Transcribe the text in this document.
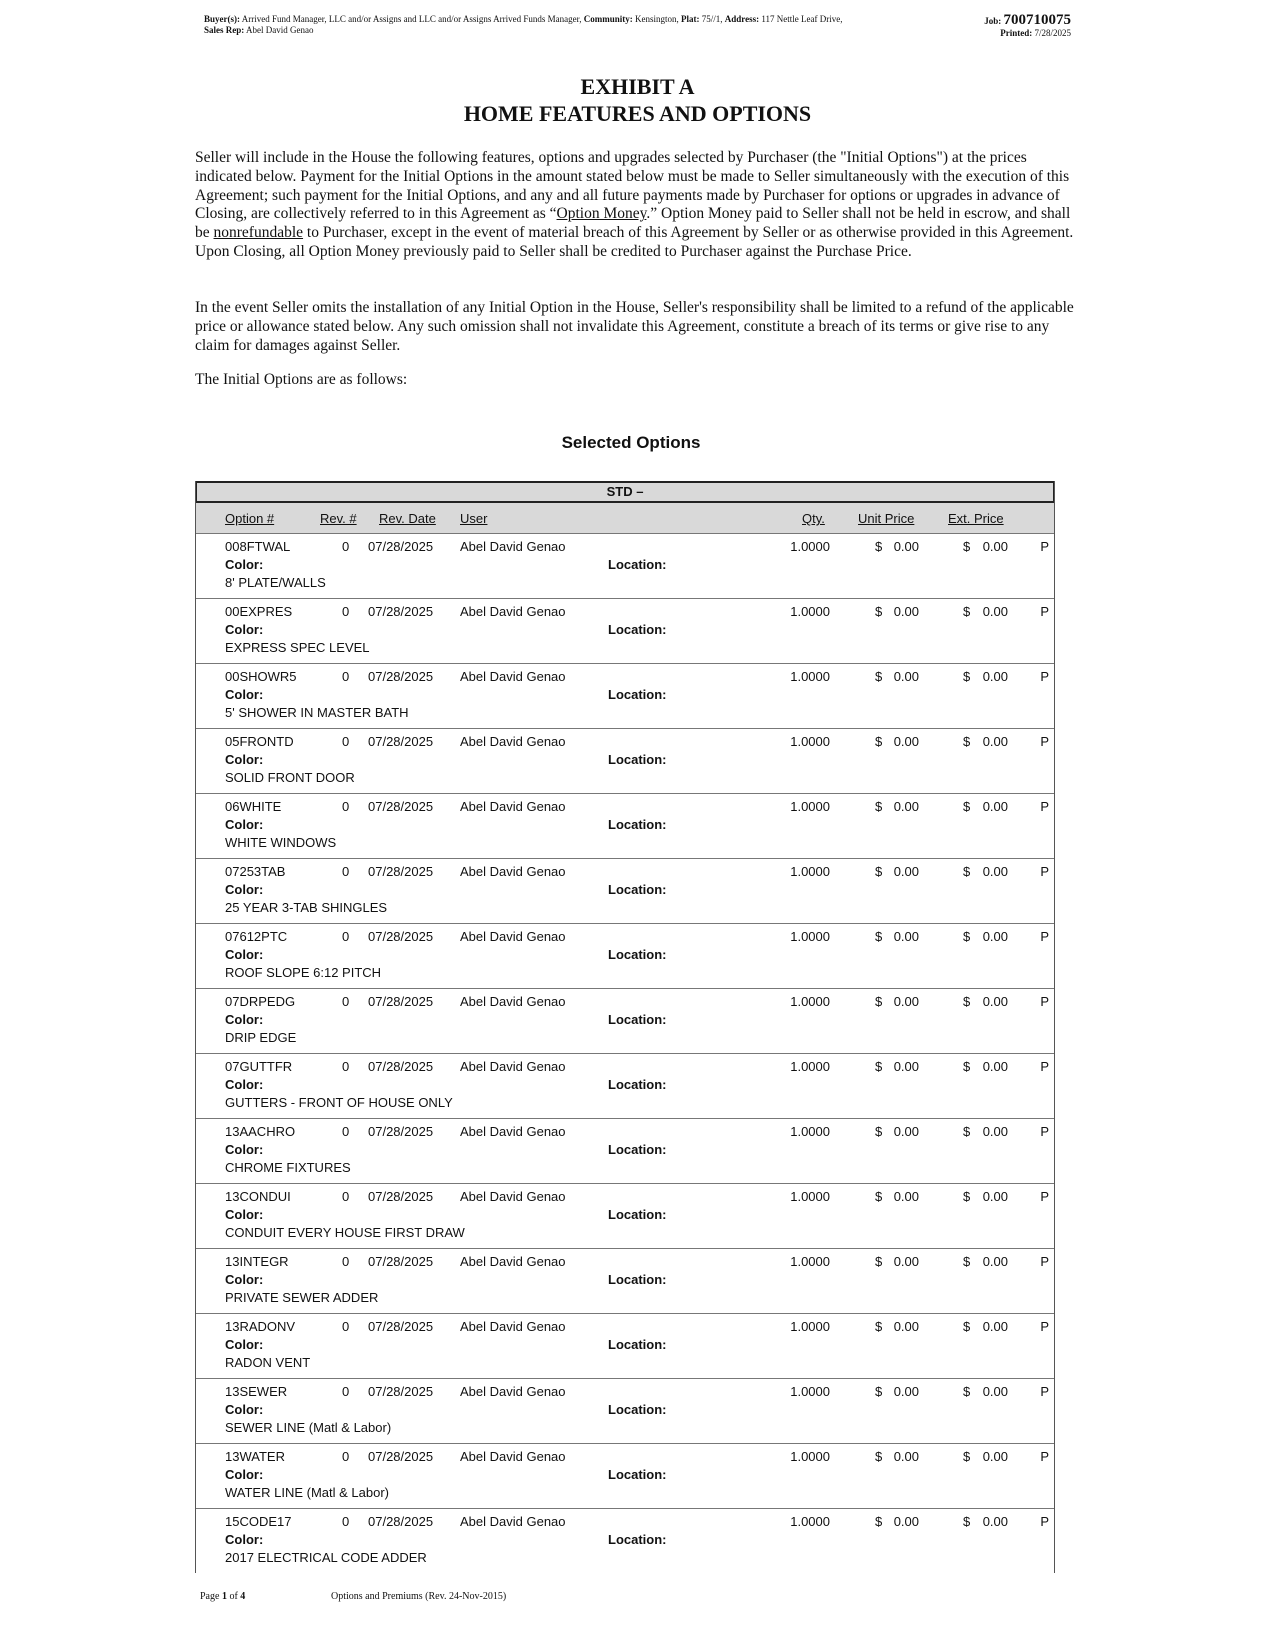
Buyer(s): Arrived Fund Manager, LLC and/or Assigns and LLC and/or Assigns Arrived Funds Manager, Community: Kensington, Plat: 75//1, Address: 117 Nettle Leaf Drive,
Sales Rep: Abel David Genao
Job: 700710075
Printed: 7/28/2025
EXHIBIT A
HOME FEATURES AND OPTIONS
Seller will include in the House the following features, options and upgrades selected by Purchaser (the "Initial Options") at the prices indicated below. Payment for the Initial Options in the amount stated below must be made to Seller simultaneously with the execution of this Agreement; such payment for the Initial Options, and any and all future payments made by Purchaser for options or upgrades in advance of Closing, are collectively referred to in this Agreement as “Option Money.” Option Money paid to Seller shall not be held in escrow, and shall be nonrefundable to Purchaser, except in the event of material breach of this Agreement by Seller or as otherwise provided in this Agreement. Upon Closing, all Option Money previously paid to Seller shall be credited to Purchaser against the Purchase Price.
In the event Seller omits the installation of any Initial Option in the House, Seller's responsibility shall be limited to a refund of the applicable price or allowance stated below. Any such omission shall not invalidate this Agreement, constitute a breach of its terms or give rise to any claim for damages against Seller.
The Initial Options are as follows:
Selected Options
STD –
Option #	Rev. # Rev. Date User	Qty.	Unit Price	Ext. Price
008FTWAL	0 07/28/2025 Abel David Genao	1.0000	0.00	0.00 P
8' PLATE/WALLS
Color:	Location:
$	$
00EXPRES	0 07/28/2025 Abel David Genao	1.0000	0.00	0.00 P
EXPRESS SPEC LEVEL
Color:	Location:
$	$
00SHOWR5	0 07/28/2025 Abel David Genao	1.0000	0.00	0.00 P
5' SHOWER IN MASTER BATH
Color:	Location:
$	$
05FRONTD	0 07/28/2025 Abel David Genao	1.0000	0.00	0.00 P
SOLID FRONT DOOR
Color:	Location:
$	$
06WHITE	0 07/28/2025 Abel David Genao	1.0000	0.00	0.00 P
WHITE WINDOWS
Color:	Location:
$	$
07253TAB	0 07/28/2025 Abel David Genao	1.0000	0.00	0.00 P
25 YEAR 3-TAB SHINGLES
Color:	Location:
$	$
07612PTC	0 07/28/2025 Abel David Genao	1.0000	0.00	0.00 P
ROOF SLOPE 6:12 PITCH
Color:	Location:
$	$
07DRPEDG	0 07/28/2025 Abel David Genao	1.0000	0.00	0.00 P
DRIP EDGE
Color:	Location:
$	$
07GUTTFR	0 07/28/2025 Abel David Genao	1.0000	0.00	0.00 P
GUTTERS - FRONT OF HOUSE ONLY
Color:	Location:
$	$
13AACHRO	0 07/28/2025 Abel David Genao	1.0000	0.00	0.00 P
CHROME FIXTURES
Color:	Location:
$	$
13CONDUI	0 07/28/2025 Abel David Genao	1.0000	0.00	0.00 P
CONDUIT EVERY HOUSE FIRST DRAW
Color:	Location:
$	$
13INTEGR	0 07/28/2025 Abel David Genao	1.0000	0.00	0.00 P
PRIVATE SEWER ADDER
Color:	Location:
$	$
13RADONV	0 07/28/2025 Abel David Genao	1.0000	0.00	0.00 P
RADON VENT
Color:	Location:
$	$
13SEWER	0 07/28/2025 Abel David Genao	1.0000	0.00	0.00 P
SEWER LINE (Matl & Labor)
Color:	Location:
$	$
13WATER	0 07/28/2025 Abel David Genao	1.0000	0.00	0.00 P
WATER LINE (Matl & Labor)
Color:	Location:
$	$
15CODE17	0 07/28/2025 Abel David Genao	1.0000	0.00	0.00 P
2017 ELECTRICAL CODE ADDER
Color:	Location:
$	$
Page 1 of 4	Options and Premiums (Rev. 24-Nov-2015)
